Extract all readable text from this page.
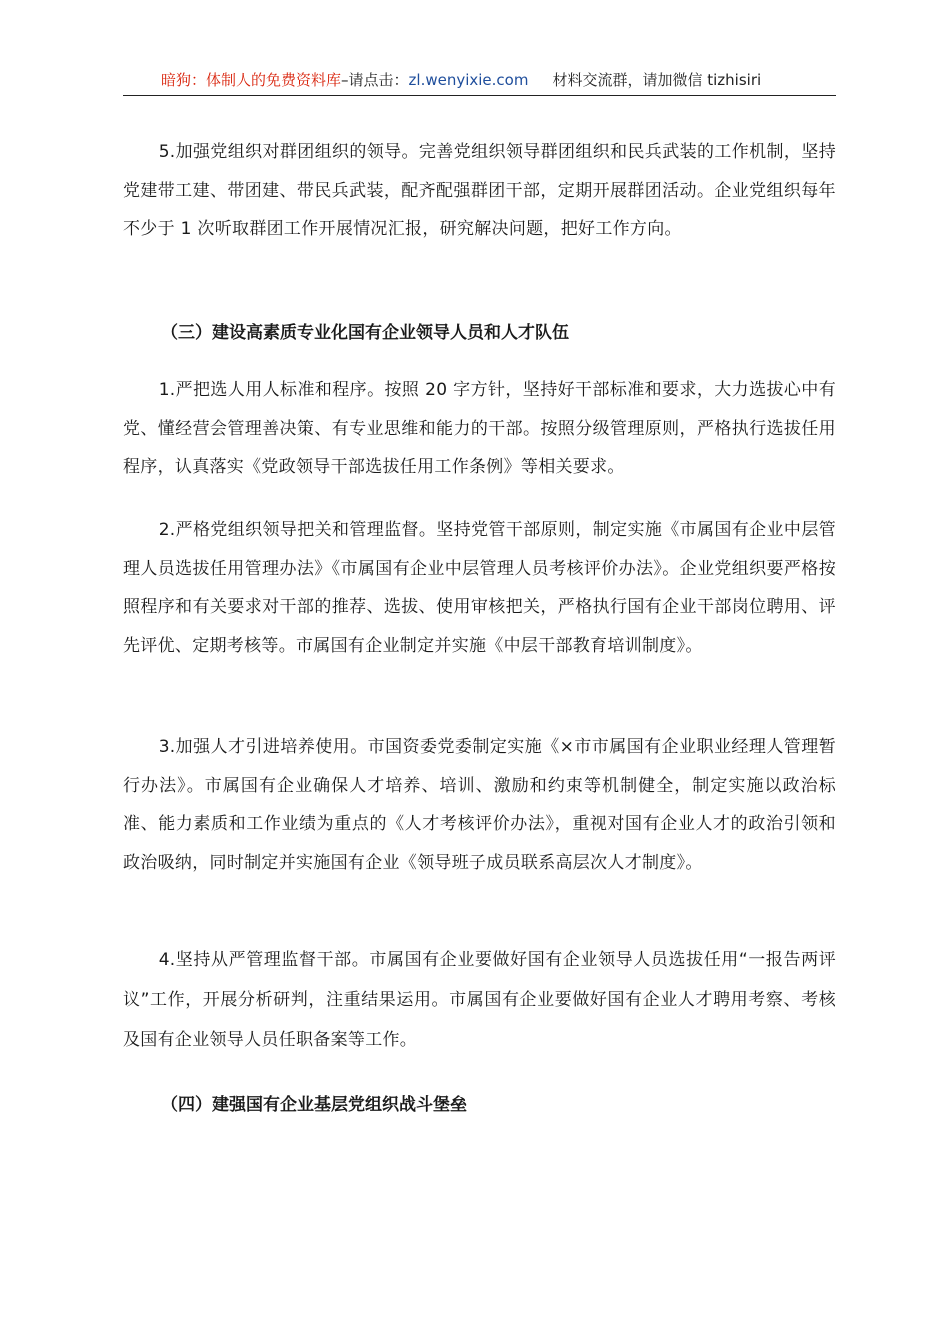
暗狗：体制人的免费资料库–请点击：zl.wenyixie.com 材料交流群，请加微信 tizhisiri

5.加强党组织对群团组织的领导。完善党组织领导群团组织和民兵武装的工作机制，坚持党建带工建、带团建、带民兵武装，配齐配强群团干部，定期开展群团活动。企业党组织每年不少于 1 次听取群团工作开展情况汇报，研究解决问题，把好工作方向。

（三）建设高素质专业化国有企业领导人员和人才队伍

1.严把选人用人标准和程序。按照 20 字方针，坚持好干部标准和要求，大力选拔心中有党、懂经营会管理善决策、有专业思维和能力的干部。按照分级管理原则，严格执行选拔任用程序，认真落实《党政领导干部选拔任用工作条例》等相关要求。

2.严格党组织领导把关和管理监督。坚持党管干部原则，制定实施《市属国有企业中层管理人员选拔任用管理办法》《市属国有企业中层管理人员考核评价办法》。企业党组织要严格按照程序和有关要求对干部的推荐、选拔、使用审核把关，严格执行国有企业干部岗位聘用、评先评优、定期考核等。市属国有企业制定并实施《中层干部教育培训制度》。

3.加强人才引进培养使用。市国资委党委制定实施《×市市属国有企业职业经理人管理暂行办法》。市属国有企业确保人才培养、培训、激励和约束等机制健全，制定实施以政治标准、能力素质和工作业绩为重点的《人才考核评价办法》，重视对国有企业人才的政治引领和政治吸纳，同时制定并实施国有企业《领导班子成员联系高层次人才制度》。

4.坚持从严管理监督干部。市属国有企业要做好国有企业领导人员选拔任用“一报告两评议”工作，开展分析研判，注重结果运用。市属国有企业要做好国有企业人才聘用考察、考核及国有企业领导人员任职备案等工作。

（四）建强国有企业基层党组织战斗堡垒
